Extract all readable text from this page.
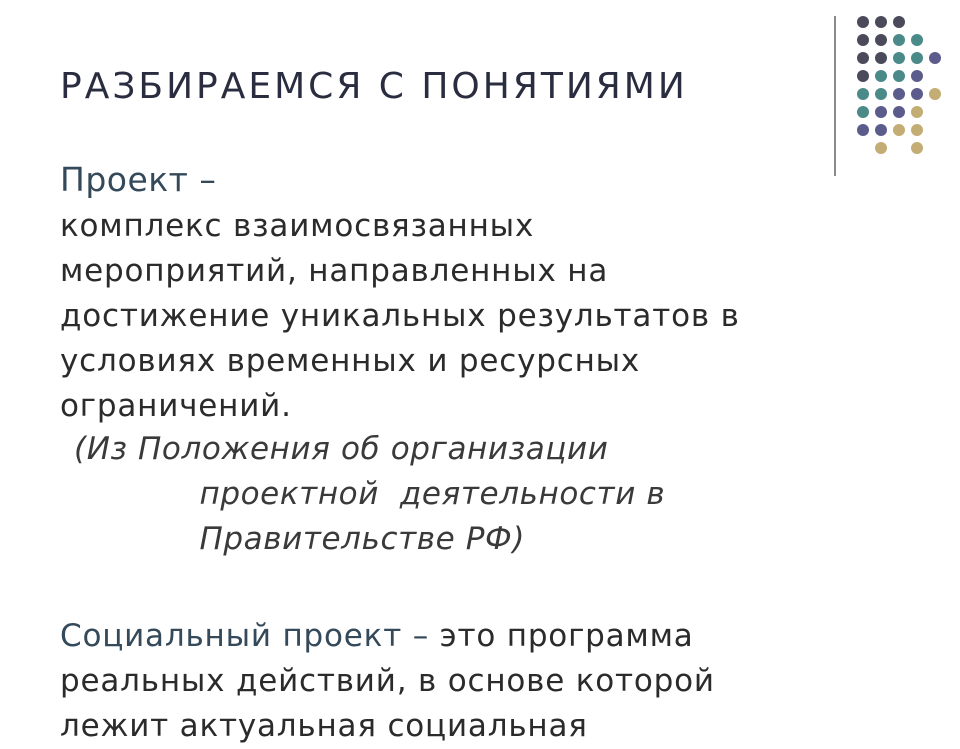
РАЗБИРАЕМСЯ С ПОНЯТИЯМИ
Проект –
комплекс взаимосвязанных
мероприятий, направленных на
достижение уникальных результатов в
условиях временных и ресурсных
ограничений.
(Из Положения об организации
проектной  деятельности в
Правительстве РФ)
Социальный проект – это программа
реальных действий, в основе которой
лежит актуальная социальная
